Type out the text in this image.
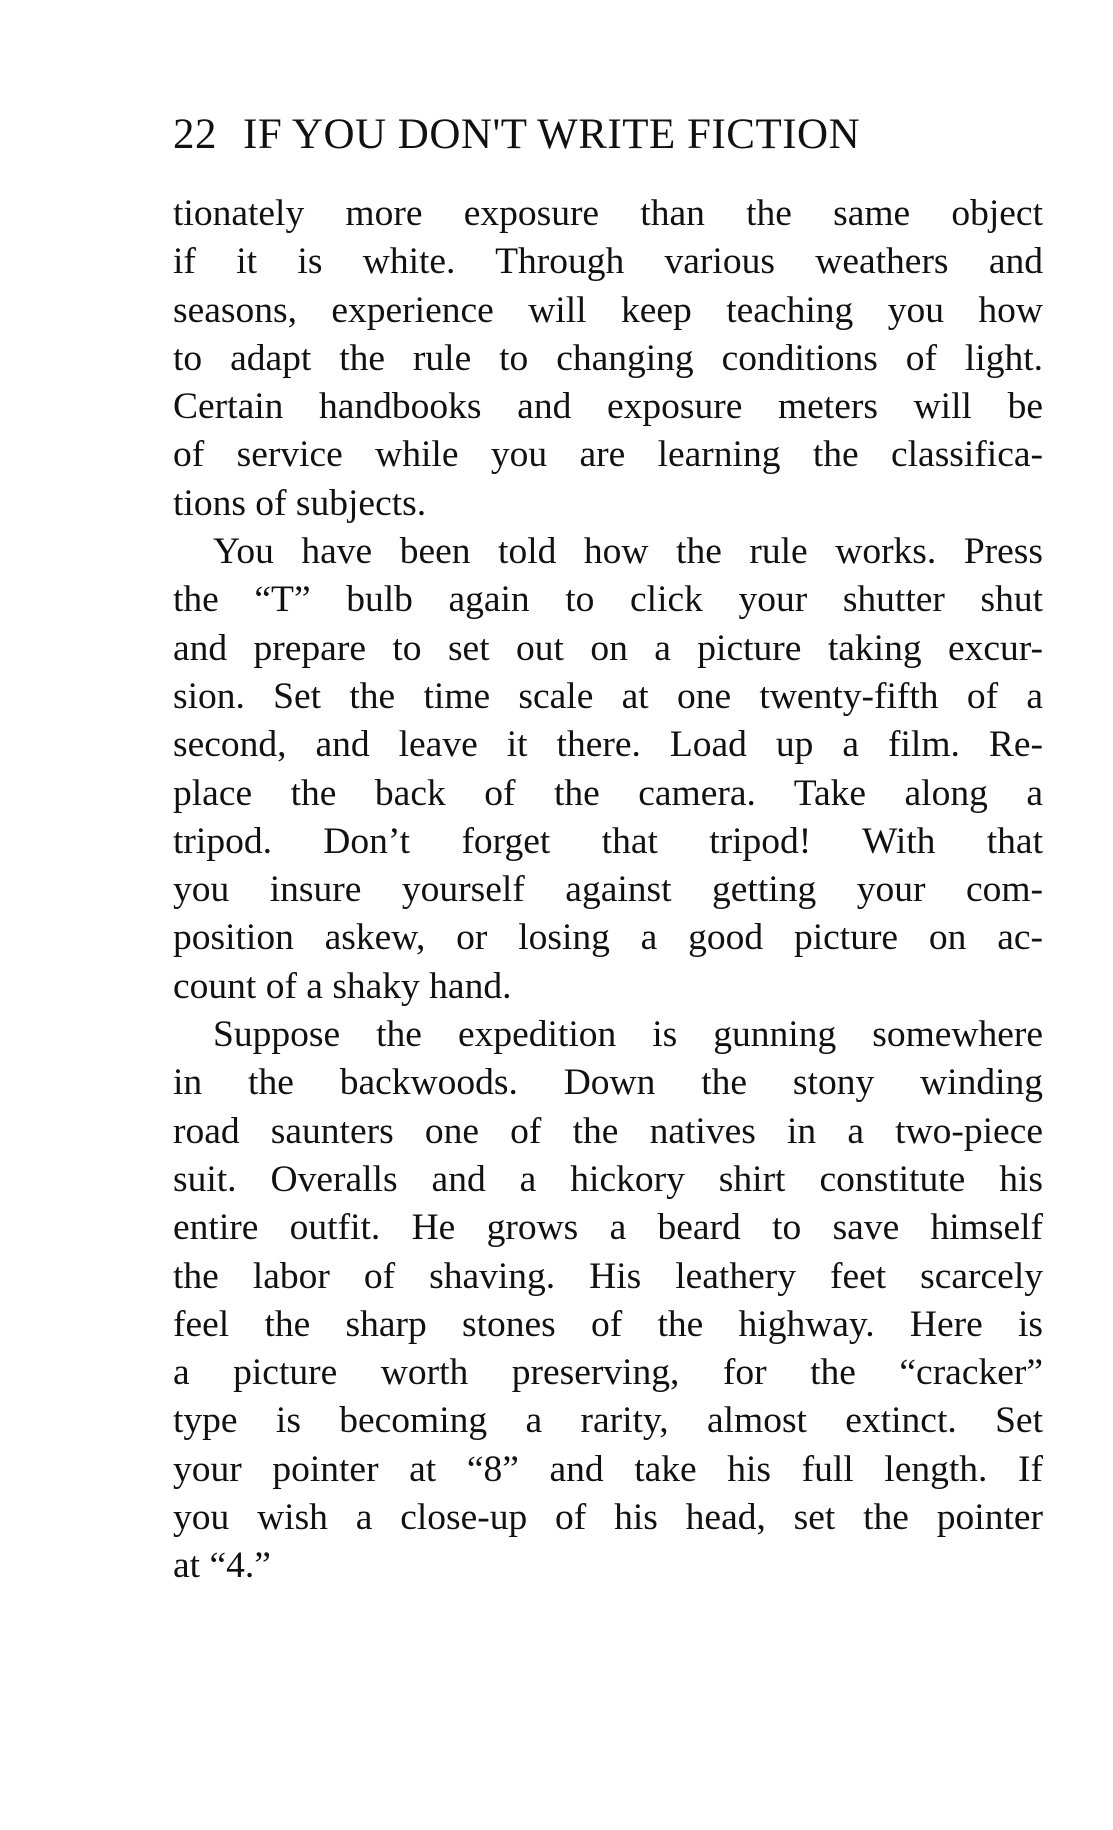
22 IF YOU DON'T WRITE FICTION
tionately more exposure than the same object
if it is white. Through various weathers and
seasons, experience will keep teaching you how
to adapt the rule to changing conditions of light.
Certain handbooks and exposure meters will be
of service while you are learning the classifica-
tions of subjects.
You have been told how the rule works. Press
the “T” bulb again to click your shutter shut
and prepare to set out on a picture taking excur-
sion. Set the time scale at one twenty-fifth of a
second, and leave it there. Load up a film. Re-
place the back of the camera. Take along a
tripod. Don’t forget that tripod! With that
you insure yourself against getting your com-
position askew, or losing a good picture on ac-
count of a shaky hand.
Suppose the expedition is gunning somewhere
in the backwoods. Down the stony winding
road saunters one of the natives in a two-piece
suit. Overalls and a hickory shirt constitute his
entire outfit. He grows a beard to save himself
the labor of shaving. His leathery feet scarcely
feel the sharp stones of the highway. Here is
a picture worth preserving, for the “cracker”
type is becoming a rarity, almost extinct. Set
your pointer at “8” and take his full length. If
you wish a close-up of his head, set the pointer
at “4.”
